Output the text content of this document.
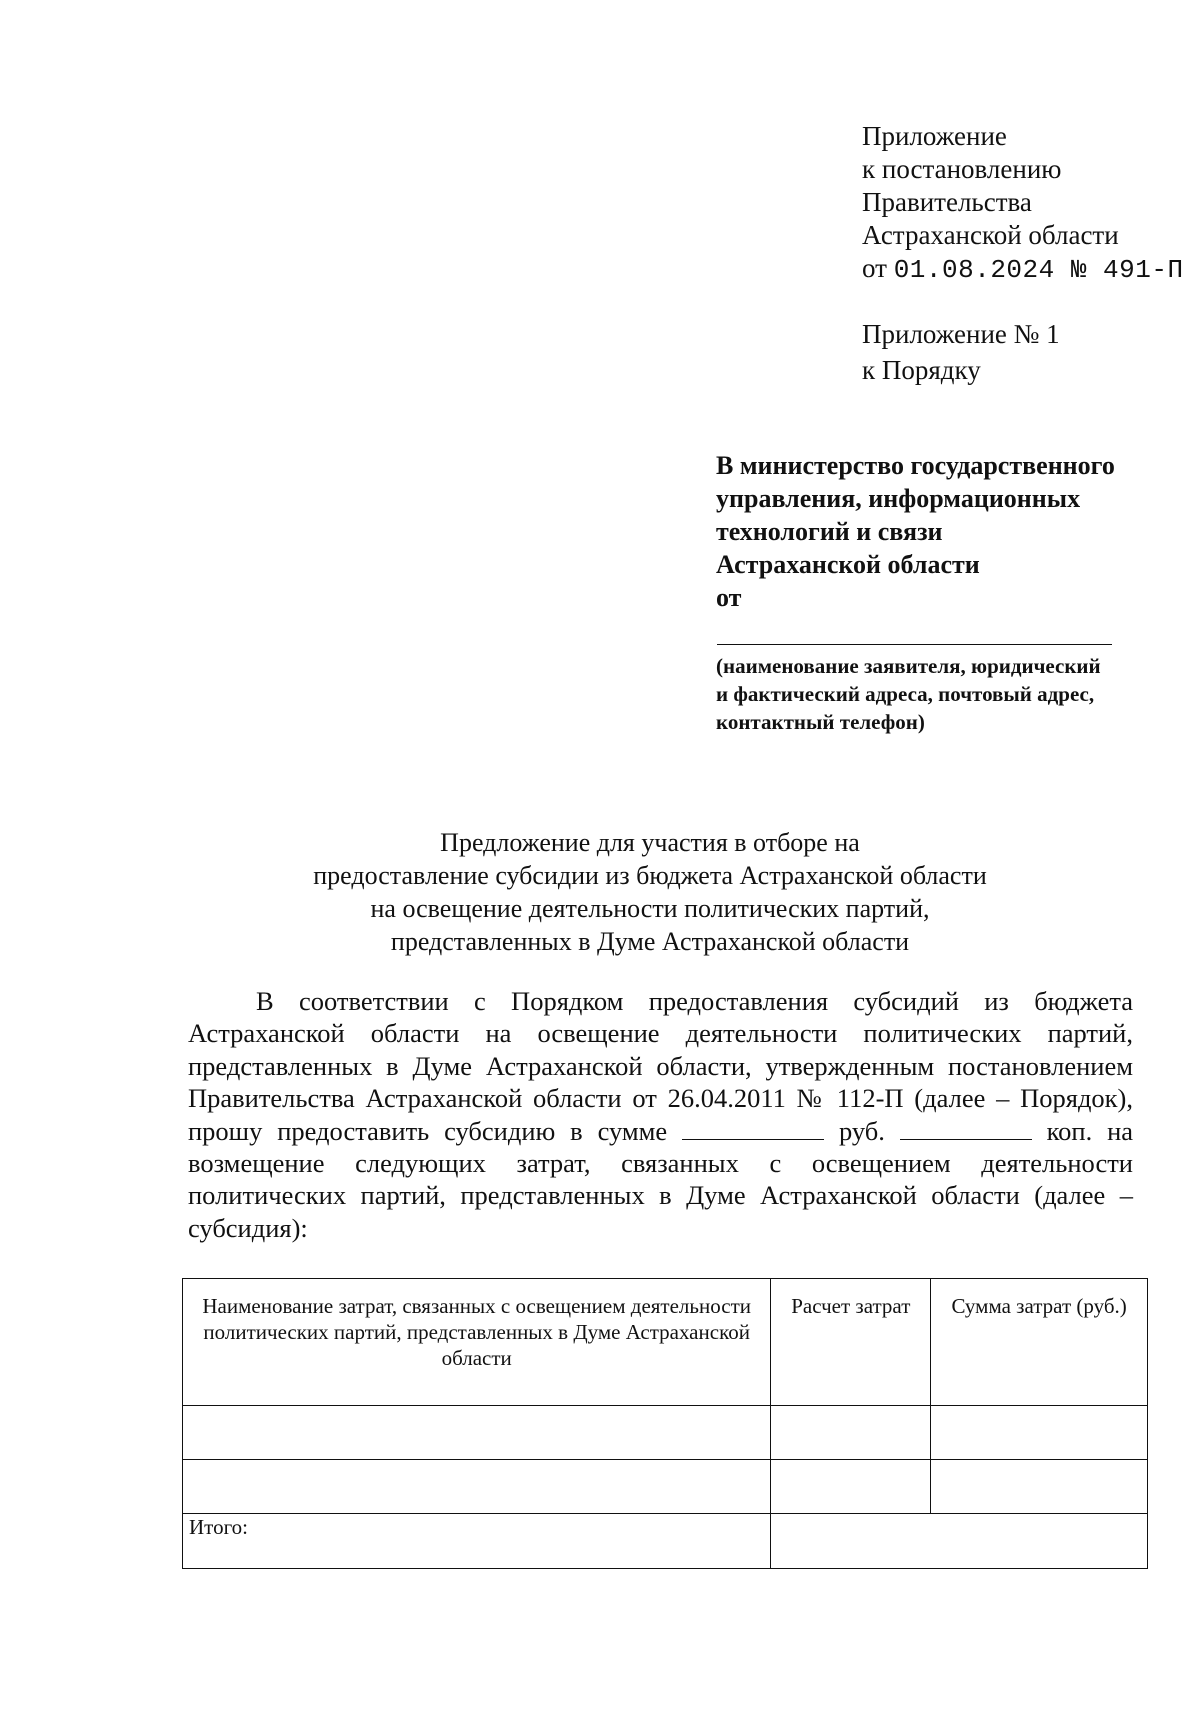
Приложение
к постановлению
Правительства
Астраханской области
от 01.08.2024 № 491-П
Приложение № 1
к Порядку
В министерство государственного
управления, информационных
технологий и связи
Астраханской области
от
(наименование заявителя, юридический
и фактический адреса, почтовый адрес,
контактный телефон)
Предложение для участия в отборе на
предоставление субсидии из бюджета Астраханской области
на освещение деятельности политических партий,
представленных в Думе Астраханской области

В соответствии с Порядком предоставления субсидий из бюджета Астраханской области на освещение деятельности политических партий, представленных в Думе Астраханской области, утвержденным постановлением Правительства Астраханской области от 26.04.2011 № 112-П (далее – Порядок), прошу предоставить субсидию в сумме	руб.	коп. на возмещение следующих затрат, связанных с освещением деятельности политических партий, представленных в Думе Астраханской области (далее – субсидия):

Наименование затрат, связанных с освещением деятельности политических партий, представленных в Думе Астраханской области	Расчет затрат	Сумма затрат (руб.)

Итого:		
